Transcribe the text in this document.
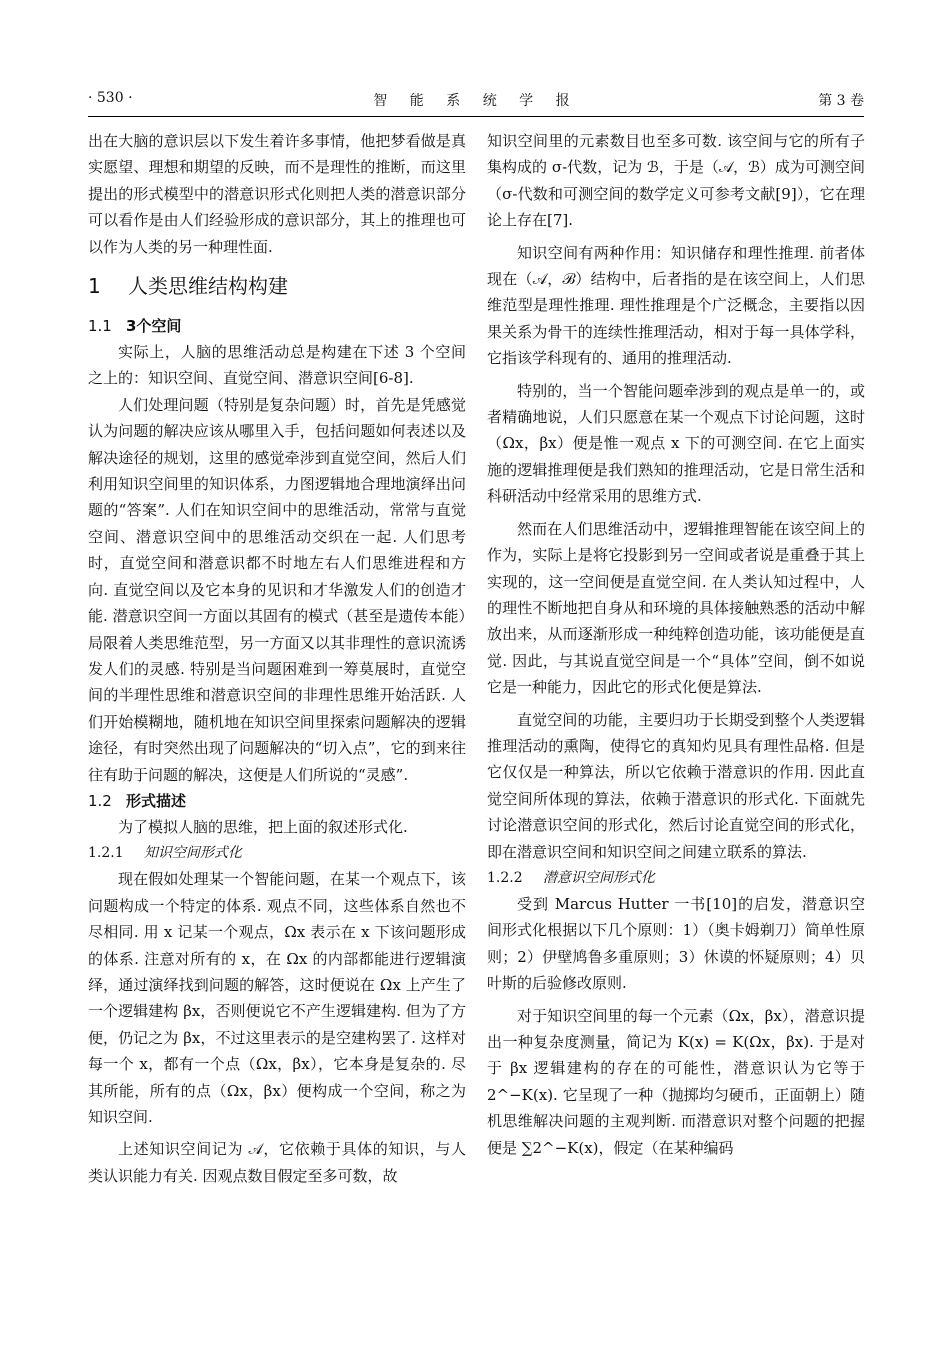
· 530 ·	智 能 系 统 学 报	第 3 卷

出在大脑的意识层以下发生着许多事情，他把梦看做是真实愿望、理想和期望的反映，而不是理性的推断，而这里提出的形式模型中的潜意识形式化则把人类的潜意识部分可以看作是由人们经验形成的意识部分，其上的推理也可以作为人类的另一种理性面.

1 人类思维结构构建
1.1 3个空间

实际上，人脑的思维活动总是构建在下述 3 个空间之上的：知识空间、直觉空间、潜意识空间[6-8].

人们处理问题（特别是复杂问题）时，首先是凭感觉认为问题的解决应该从哪里入手，包括问题如何表述以及解决途径的规划，这里的感觉牵涉到直觉空间，然后人们利用知识空间里的知识体系，力图逻辑地合理地演绎出问题的“答案”. 人们在知识空间中的思维活动，常常与直觉空间、潜意识空间中的思维活动交织在一起. 人们思考时，直觉空间和潜意识都不时地左右人们思维进程和方向. 直觉空间以及它本身的见识和才华激发人们的创造才能. 潜意识空间一方面以其固有的模式（甚至是遗传本能）局限着人类思维范型，另一方面又以其非理性的意识流诱发人们的灵感. 特别是当问题困难到一筹莫展时，直觉空间的半理性思维和潜意识空间的非理性思维开始活跃. 人们开始模糊地，随机地在知识空间里探索问题解决的逻辑途径，有时突然出现了问题解决的“切入点”，它的到来往往有助于问题的解决，这便是人们所说的“灵感”.

1.2 形式描述

为了模拟人脑的思维，把上面的叙述形式化.

1.2.1 知识空间形式化

现在假如处理某一个智能问题，在某一个观点下，该问题构成一个特定的体系. 观点不同，这些体系自然也不尽相同. 用 x 记某一个观点，Ωx 表示在 x 下该问题形成的体系. 注意对所有的 x，在 Ωx 的内部都能进行逻辑演绎，通过演绎找到问题的解答，这时便说在 Ωx 上产生了一个逻辑建构 βx，否则便说它不产生逻辑建构. 但为了方便，仍记之为 βx，不过这里表示的是空建构罢了. 这样对每一个 x，都有一个点（Ωx，βx），它本身是复杂的. 尽其所能，所有的点（Ωx，βx）便构成一个空间，称之为知识空间.

上述知识空间记为 𝒜，它依赖于具体的知识，与人类认识能力有关. 因观点数目假定至多可数，故

知识空间里的元素数目也至多可数. 该空间与它的所有子集构成的 σ-代数，记为 ℬ，于是（𝒜，ℬ）成为可测空间（σ-代数和可测空间的数学定义可参考文献[9]），它在理论上存在[7].

知识空间有两种作用：知识储存和理性推理. 前者体现在（𝒜，ℬ）结构中，后者指的是在该空间上，人们思维范型是理性推理. 理性推理是个广泛概念，主要指以因果关系为骨干的连续性推理活动，相对于每一具体学科，它指该学科现有的、通用的推理活动.

特别的，当一个智能问题牵涉到的观点是单一的，或者精确地说，人们只愿意在某一个观点下讨论问题，这时（Ωx，βx）便是惟一观点 x 下的可测空间. 在它上面实施的逻辑推理便是我们熟知的推理活动，它是日常生活和科研活动中经常采用的思维方式.

然而在人们思维活动中，逻辑推理智能在该空间上的作为，实际上是将它投影到另一空间或者说是重叠于其上实现的，这一空间便是直觉空间. 在人类认知过程中，人的理性不断地把自身从和环境的具体接触熟悉的活动中解放出来，从而逐渐形成一种纯粹创造功能，该功能便是直觉. 因此，与其说直觉空间是一个“具体”空间，倒不如说它是一种能力，因此它的形式化便是算法.

直觉空间的功能，主要归功于长期受到整个人类逻辑推理活动的熏陶，使得它的真知灼见具有理性品格. 但是它仅仅是一种算法，所以它依赖于潜意识的作用. 因此直觉空间所体现的算法，依赖于潜意识的形式化. 下面就先讨论潜意识空间的形式化，然后讨论直觉空间的形式化，即在潜意识空间和知识空间之间建立联系的算法.

1.2.2 潜意识空间形式化

受到 Marcus Hutter 一书[10]的启发，潜意识空间形式化根据以下几个原则：1）（奥卡姆剃刀）简单性原则；2）伊壁鸠鲁多重原则；3）休谟的怀疑原则；4）贝叶斯的后验修改原则.

对于知识空间里的每一个元素（Ωx，βx），潜意识提出一种复杂度测量，简记为 K(x) = K(Ωx，βx). 于是对于 βx 逻辑建构的存在的可能性，潜意识认为它等于 2^−K(x). 它呈现了一种（抛掷均匀硬币，正面朝上）随机思维解决问题的主观判断. 而潜意识对整个问题的把握便是 ∑2^−K(x)，假定（在某种编码
